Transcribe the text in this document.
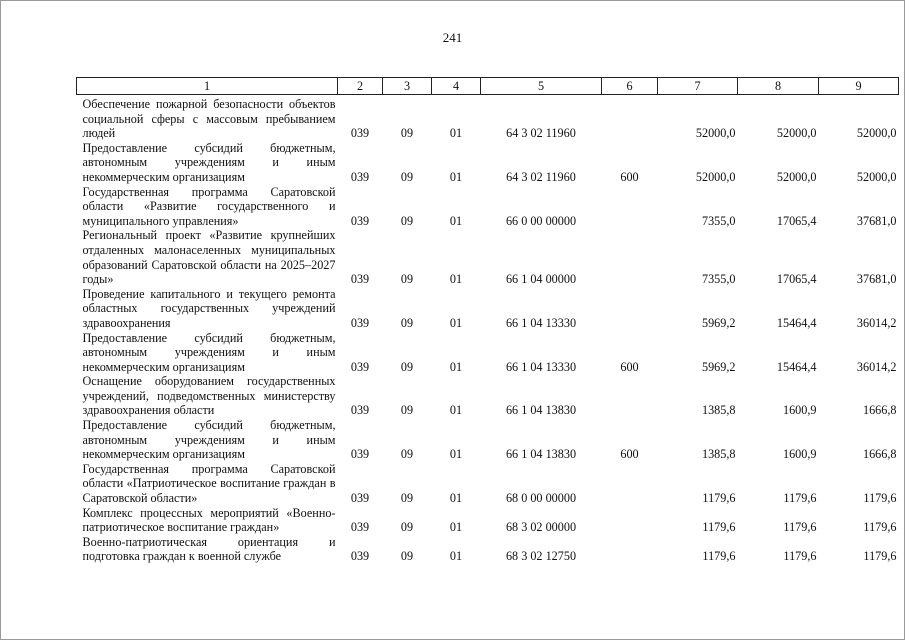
241
1	2	3	4	5	6	7	8	9

Обеспечение пожарной безопасности объектов социальной сферы с массовым пребыванием людей	039	09	01	64 3 02 11960		52000,0	52000,0	52000,0
Предоставление субсидий бюджетным, автономным учреждениям и иным некоммерческим организациям	039	09	01	64 3 02 11960	600	52000,0	52000,0	52000,0
Государственная программа Саратовской области «Развитие государственного и муниципального управления»	039	09	01	66 0 00 00000		7355,0	17065,4	37681,0
Региональный проект «Развитие крупнейших отдаленных малонаселенных муниципальных образований Саратовской области на 2025–2027 годы»	039	09	01	66 1 04 00000		7355,0	17065,4	37681,0
Проведение капитального и текущего ремонта областных государственных учреждений здравоохранения	039	09	01	66 1 04 13330		5969,2	15464,4	36014,2
Предоставление субсидий бюджетным, автономным учреждениям и иным некоммерческим организациям	039	09	01	66 1 04 13330	600	5969,2	15464,4	36014,2
Оснащение оборудованием государственных учреждений, подведомственных министерству здравоохранения области	039	09	01	66 1 04 13830		1385,8	1600,9	1666,8
Предоставление субсидий бюджетным, автономным учреждениям и иным некоммерческим организациям	039	09	01	66 1 04 13830	600	1385,8	1600,9	1666,8
Государственная программа Саратовской области «Патриотическое воспитание граждан в Саратовской области»	039	09	01	68 0 00 00000		1179,6	1179,6	1179,6
Комплекс процессных мероприятий «Военно-патриотическое воспитание граждан»	039	09	01	68 3 02 00000		1179,6	1179,6	1179,6
Военно-патриотическая ориентация и подготовка граждан к военной службе	039	09	01	68 3 02 12750		1179,6	1179,6	1179,6
